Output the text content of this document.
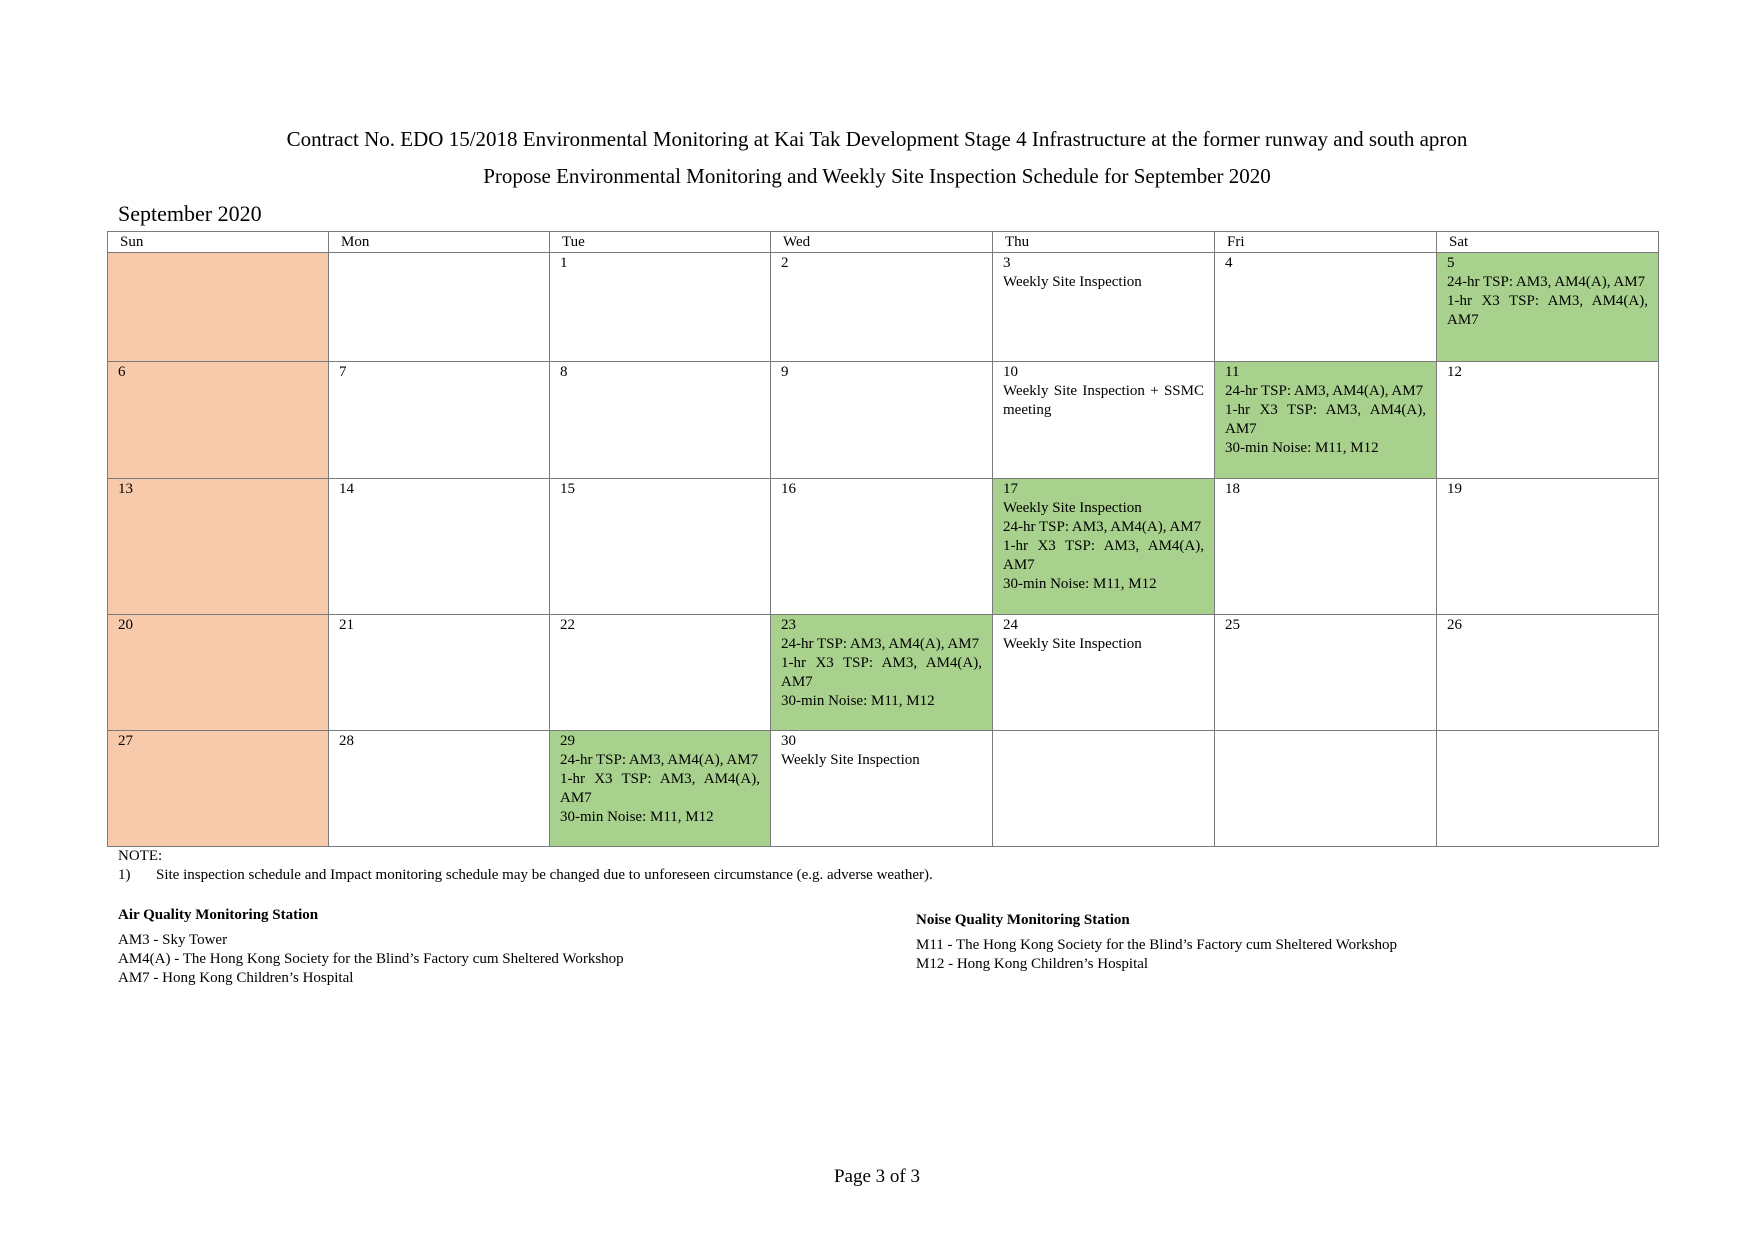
Contract No. EDO 15/2018 Environmental Monitoring at Kai Tak Development Stage 4 Infrastructure at the former runway and south apron
Propose Environmental Monitoring and Weekly Site Inspection Schedule for September 2020
September 2020
Sun	Mon	Tue	Wed	Thu	Fri	Sat

		1	2	3
Weekly Site Inspection	4	5
24-hr TSP: AM3, AM4(A), AM7
1-hr X3 TSP: AM3, AM4(A), AM7

6	7	8	9	10
Weekly Site Inspection + SSMC meeting	11
24-hr TSP: AM3, AM4(A), AM7
1-hr X3 TSP: AM3, AM4(A), AM7
30-min Noise: M11, M12	12

13	14	15	16	17
Weekly Site Inspection
24-hr TSP: AM3, AM4(A), AM7
1-hr X3 TSP: AM3, AM4(A), AM7
30-min Noise: M11, M12	18	19

20	21	22	23
24-hr TSP: AM3, AM4(A), AM7
1-hr X3 TSP: AM3, AM4(A), AM7
30-min Noise: M11, M12	24
Weekly Site Inspection	25	26

27	28	29
24-hr TSP: AM3, AM4(A), AM7
1-hr X3 TSP: AM3, AM4(A), AM7
30-min Noise: M11, M12	30
Weekly Site Inspection			

NOTE:
1) Site inspection schedule and Impact monitoring schedule may be changed due to unforeseen circumstance (e.g. adverse weather).
Air Quality Monitoring Station
AM3 - Sky Tower
AM4(A) - The Hong Kong Society for the Blind’s Factory cum Sheltered Workshop
AM7 - Hong Kong Children’s Hospital
Noise Quality Monitoring Station
M11 - The Hong Kong Society for the Blind’s Factory cum Sheltered Workshop
M12 - Hong Kong Children’s Hospital
Page 3 of 3
